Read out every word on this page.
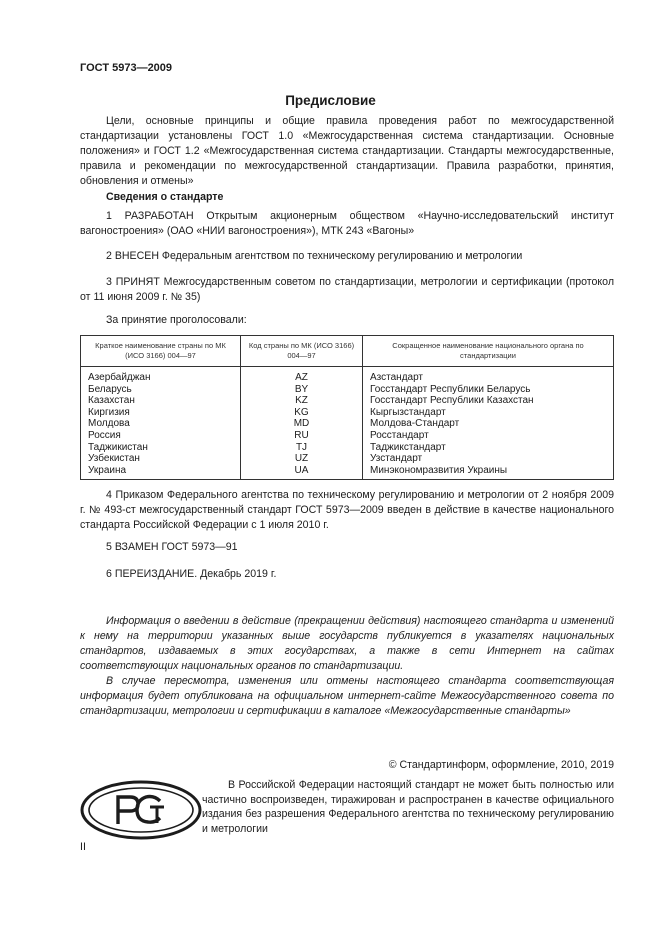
ГОСТ 5973—2009
Предисловие

Цели, основные принципы и общие правила проведения работ по межгосударственной стандартизации установлены ГОСТ 1.0 «Межгосударственная система стандартизации. Основные положения» и ГОСТ 1.2 «Межгосударственная система стандартизации. Стандарты межгосударственные, правила и рекомендации по межгосударственной стандартизации. Правила разработки, принятия, обновления и отмены»

Сведения о стандарте

1 РАЗРАБОТАН Открытым акционерным обществом «Научно-исследовательский институт вагоностроения» (ОАО «НИИ вагоностроения»), МТК 243 «Вагоны»

2 ВНЕСЕН Федеральным агентством по техническому регулированию и метрологии

3 ПРИНЯТ Межгосударственным советом по стандартизации, метрологии и сертификации (протокол от 11 июня 2009 г. № 35)

За принятие проголосовали:
Краткое наименование страны по МК (ИСО 3166) 004—97	Код страны по МК (ИСО 3166) 004—97	Сокращенное наименование национального органа по стандартизации
Азербайджан	AZ	Азстандарт
Беларусь	BY	Госстандарт Республики Беларусь
Казахстан	KZ	Госстандарт Республики Казахстан
Киргизия	KG	Кыргызстандарт
Молдова	MD	Молдова-Стандарт
Россия	RU	Росстандарт
Таджикистан	TJ	Таджикстандарт
Узбекистан	UZ	Узстандарт
Украина	UA	Минэкономразвития Украины

4 Приказом Федерального агентства по техническому регулированию и метрологии от 2 ноября 2009 г. № 493-ст межгосударственный стандарт ГОСТ 5973—2009 введен в действие в качестве национального стандарта Российской Федерации с 1 июля 2010 г.

5 ВЗАМЕН ГОСТ 5973—91

6 ПЕРЕИЗДАНИЕ. Декабрь 2019 г.

Информация о введении в действие (прекращении действия) настоящего стандарта и изменений к нему на территории указанных выше государств публикуется в указателях национальных стандартов, издаваемых в этих государствах, а также в сети Интернет на сайтах соответствующих национальных органов по стандартизации.

В случае пересмотра, изменения или отмены настоящего стандарта соответствующая информация будет опубликована на официальном интернет-сайте Межгосударственного совета по стандартизации, метрологии и сертификации в каталоге «Межгосударственные стандарты»

© Стандартинформ, оформление, 2010, 2019

В Российской Федерации настоящий стандарт не может быть полностью или частично воспроизведен, тиражирован и распространен в качестве официального издания без разрешения Федерального агентства по техническому регулированию и метрологии

II
